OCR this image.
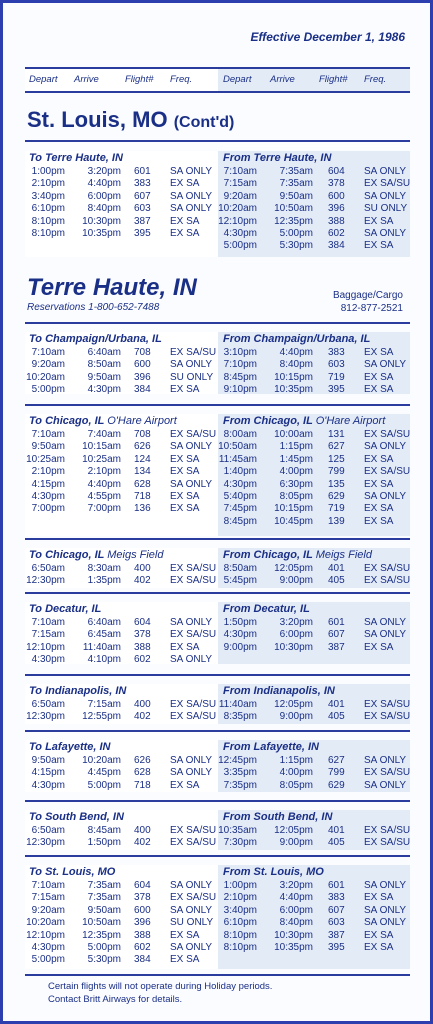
Effective December 1, 1986
Depart Arrive	Flight# Freq.	Depart Arrive	Flight# Freq.
St. Louis, MO (Cont'd)
To Terre Haute, IN
1:00pm 3:20pm 601 SA ONLY
2:10pm 4:40pm 383 EX SA
3:40pm 6:00pm 607 SA ONLY
6:10pm 8:40pm 603 SA ONLY
8:10pm 10:30pm 387 EX SA
8:10pm 10:35pm 395 EX SA
From Terre Haute, IN
7:10am 7:35am 604 SA ONLY
7:15am 7:35am 378 EX SA/SU
9:20am 9:50am 600 SA ONLY
10:20am 10:50am 396 SU ONLY
12:10pm 12:35pm 388 EX SA
4:30pm 5:00pm 602 SA ONLY
5:00pm 5:30pm 384 EX SA
Terre Haute, IN
Reservations 1-800-652-7488
Baggage/Cargo
812-877-2521
To Champaign/Urbana, IL
7:10am 6:40am 708 EX SA/SU
9:20am 8:50am 600 SA ONLY
10:20am 9:50am 396 SU ONLY
5:00pm 4:30pm 384 EX SA
From Champaign/Urbana, IL
3:10pm 4:40pm 383 EX SA
7:10pm 8:40pm 603 SA ONLY
8:45pm 10:15pm 719 EX SA
9:10pm 10:35pm 395 EX SA
To Chicago, IL O'Hare Airport
7:10am 7:40am 708 EX SA/SU
9:50am 10:15am 626 SA ONLY
10:25am 10:25am 124 EX SA
2:10pm 2:10pm 134 EX SA
4:15pm 4:40pm 628 SA ONLY
4:30pm 4:55pm 718 EX SA
7:00pm 7:00pm 136 EX SA
From Chicago, IL O'Hare Airport
8:00am 10:00am 131 EX SA/SU
10:50am 1:15pm 627 SA ONLY
11:45am 1:45pm 125 EX SA
1:40pm 4:00pm 799 EX SA/SU
4:30pm 6:30pm 135 EX SA
5:40pm 8:05pm 629 SA ONLY
7:45pm 10:15pm 719 EX SA
8:45pm 10:45pm 139 EX SA
To Chicago, IL Meigs Field
6:50am 8:30am 400 EX SA/SU
12:30pm 1:35pm 402 EX SA/SU
From Chicago, IL Meigs Field
8:50am 12:05pm 401 EX SA/SU
5:45pm 9:00pm 405 EX SA/SU
To Decatur, IL
7:10am 6:40am 604 SA ONLY
7:15am 6:45am 378 EX SA/SU
12:10pm 11:40am 388 EX SA
4:30pm 4:10pm 602 SA ONLY
From Decatur, IL
1:50pm 3:20pm 601 SA ONLY
4:30pm 6:00pm 607 SA ONLY
9:00pm 10:30pm 387 EX SA
To Indianapolis, IN
6:50am 7:15am 400 EX SA/SU
12:30pm 12:55pm 402 EX SA/SU
From Indianapolis, IN
11:40am 12:05pm 401 EX SA/SU
8:35pm 9:00pm 405 EX SA/SU
To Lafayette, IN
9:50am 10:20am 626 SA ONLY
4:15pm 4:45pm 628 SA ONLY
4:30pm 5:00pm 718 EX SA
From Lafayette, IN
12:45pm 1:15pm 627 SA ONLY
3:35pm 4:00pm 799 EX SA/SU
7:35pm 8:05pm 629 SA ONLY
To South Bend, IN
6:50am 8:45am 400 EX SA/SU
12:30pm 1:50pm 402 EX SA/SU
From South Bend, IN
10:35am 12:05pm 401 EX SA/SU
7:30pm 9:00pm 405 EX SA/SU
To St. Louis, MO
7:10am 7:35am 604 SA ONLY
7:15am 7:35am 378 EX SA/SU
9:20am 9:50am 600 SA ONLY
10:20am 10:50am 396 SU ONLY
12:10pm 12:35pm 388 EX SA
4:30pm 5:00pm 602 SA ONLY
5:00pm 5:30pm 384 EX SA
From St. Louis, MO
1:00pm 3:20pm 601 SA ONLY
2:10pm 4:40pm 383 EX SA
3:40pm 6:00pm 607 SA ONLY
6:10pm 8:40pm 603 SA ONLY
8:10pm 10:30pm 387 EX SA
8:10pm 10:35pm 395 EX SA
Certain flights will not operate during Holiday periods.
Contact Britt Airways for details.
